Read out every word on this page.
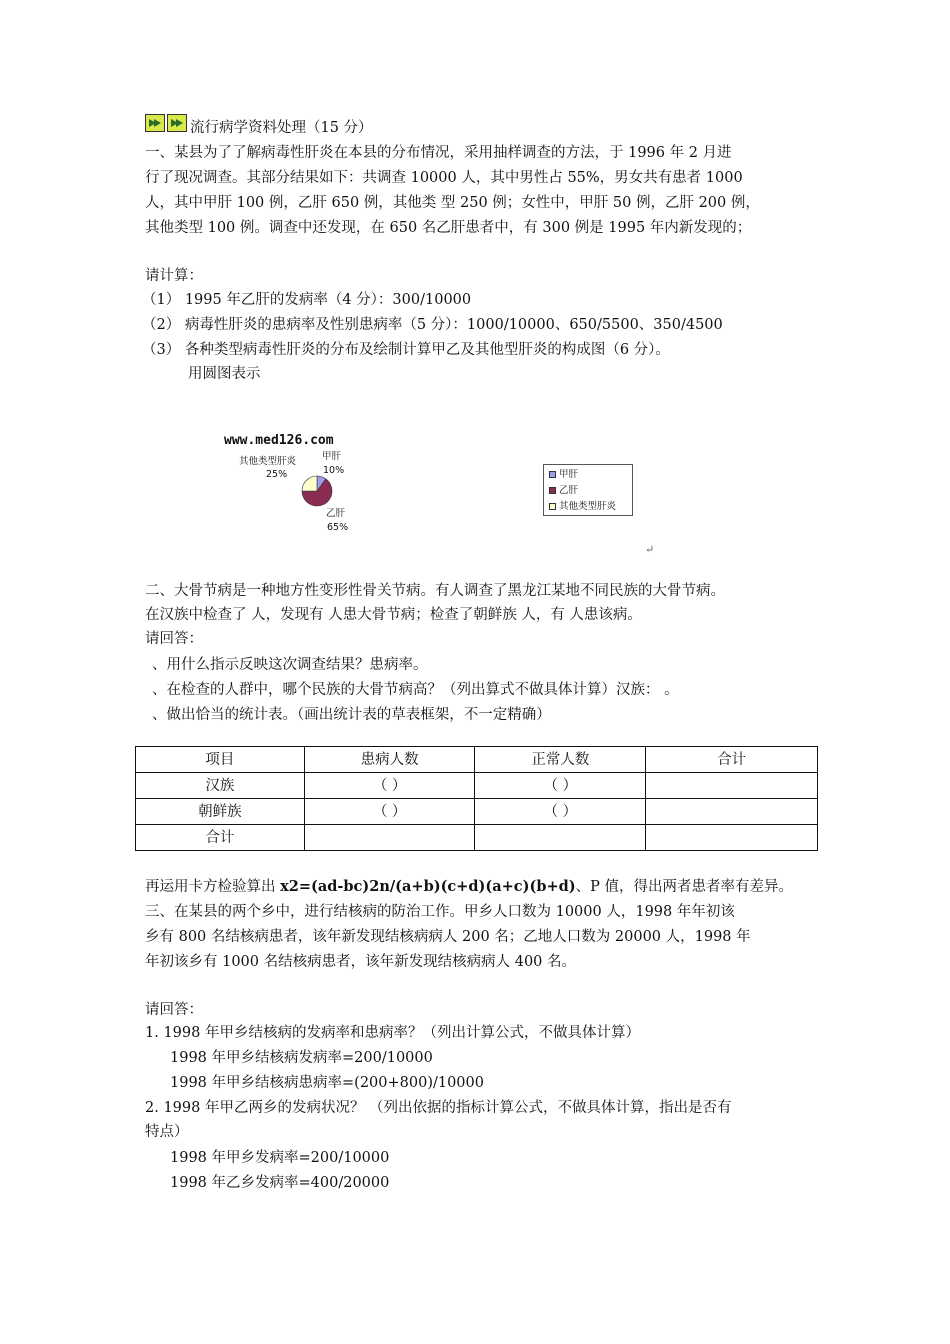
流行病学资料处理（15 分）
一、某县为了了解病毒性肝炎在本县的分布情况，采用抽样调查的方法，于 1996 年 2 月进
行了现况调查。其部分结果如下：共调查 10000 人，其中男性占 55%，男女共有患者 1000
人，其中甲肝 100 例，乙肝 650 例，其他类 型 250 例；女性中，甲肝 50 例，乙肝 200 例，
其他类型 100 例。调查中还发现，在 650 名乙肝患者中，有 300 例是 1995 年内新发现的；
请计算：
（1） 1995 年乙肝的发病率（4 分）：300/10000
（2） 病毒性肝炎的患病率及性别患病率（5 分）：1000/10000、650/5500、350/4500
（3） 各种类型病毒性肝炎的分布及绘制计算甲乙及其他型肝炎的构成图（6 分）。
用圆图表示
www.med126.com
其他类型肝炎
25%
甲肝
10%
乙肝
65%
甲肝
乙肝
其他类型肝炎
↵
二、大骨节病是一种地方性变形性骨关节病。有人调查了黑龙江某地不同民族的大骨节病。
在汉族中检查了 人，发现有 人患大骨节病；检查了朝鲜族 人，有 人患该病。
请回答：
、用什么指示反映这次调查结果？患病率。
、在检查的人群中，哪个民族的大骨节病高？（列出算式不做具体计算）汉族： 。
、做出恰当的统计表。（画出统计表的草表框架，不一定精确）
项目	患病人数	正常人数	合计
汉族	（ ）	（ ）	
朝鲜族	（ ）	（ ）	
合计			
再运用卡方检验算出 x2=(ad-bc)2n/(a+b)(c+d)(a+c)(b+d)、P 值，得出两者患者率有差异。
三、在某县的两个乡中，进行结核病的防治工作。甲乡人口数为 10000 人，1998 年年初该
乡有 800 名结核病患者，该年新发现结核病病人 200 名；乙地人口数为 20000 人，1998 年
年初该乡有 1000 名结核病患者，该年新发现结核病病人 400 名。
请回答：
1. 1998 年甲乡结核病的发病率和患病率？（列出计算公式，不做具体计算）
1998 年甲乡结核病发病率=200/10000
1998 年甲乡结核病患病率=(200+800)/10000
2. 1998 年甲乙两乡的发病状况？ （列出依据的指标计算公式，不做具体计算，指出是否有
特点）
1998 年甲乡发病率=200/10000
1998 年乙乡发病率=400/20000
